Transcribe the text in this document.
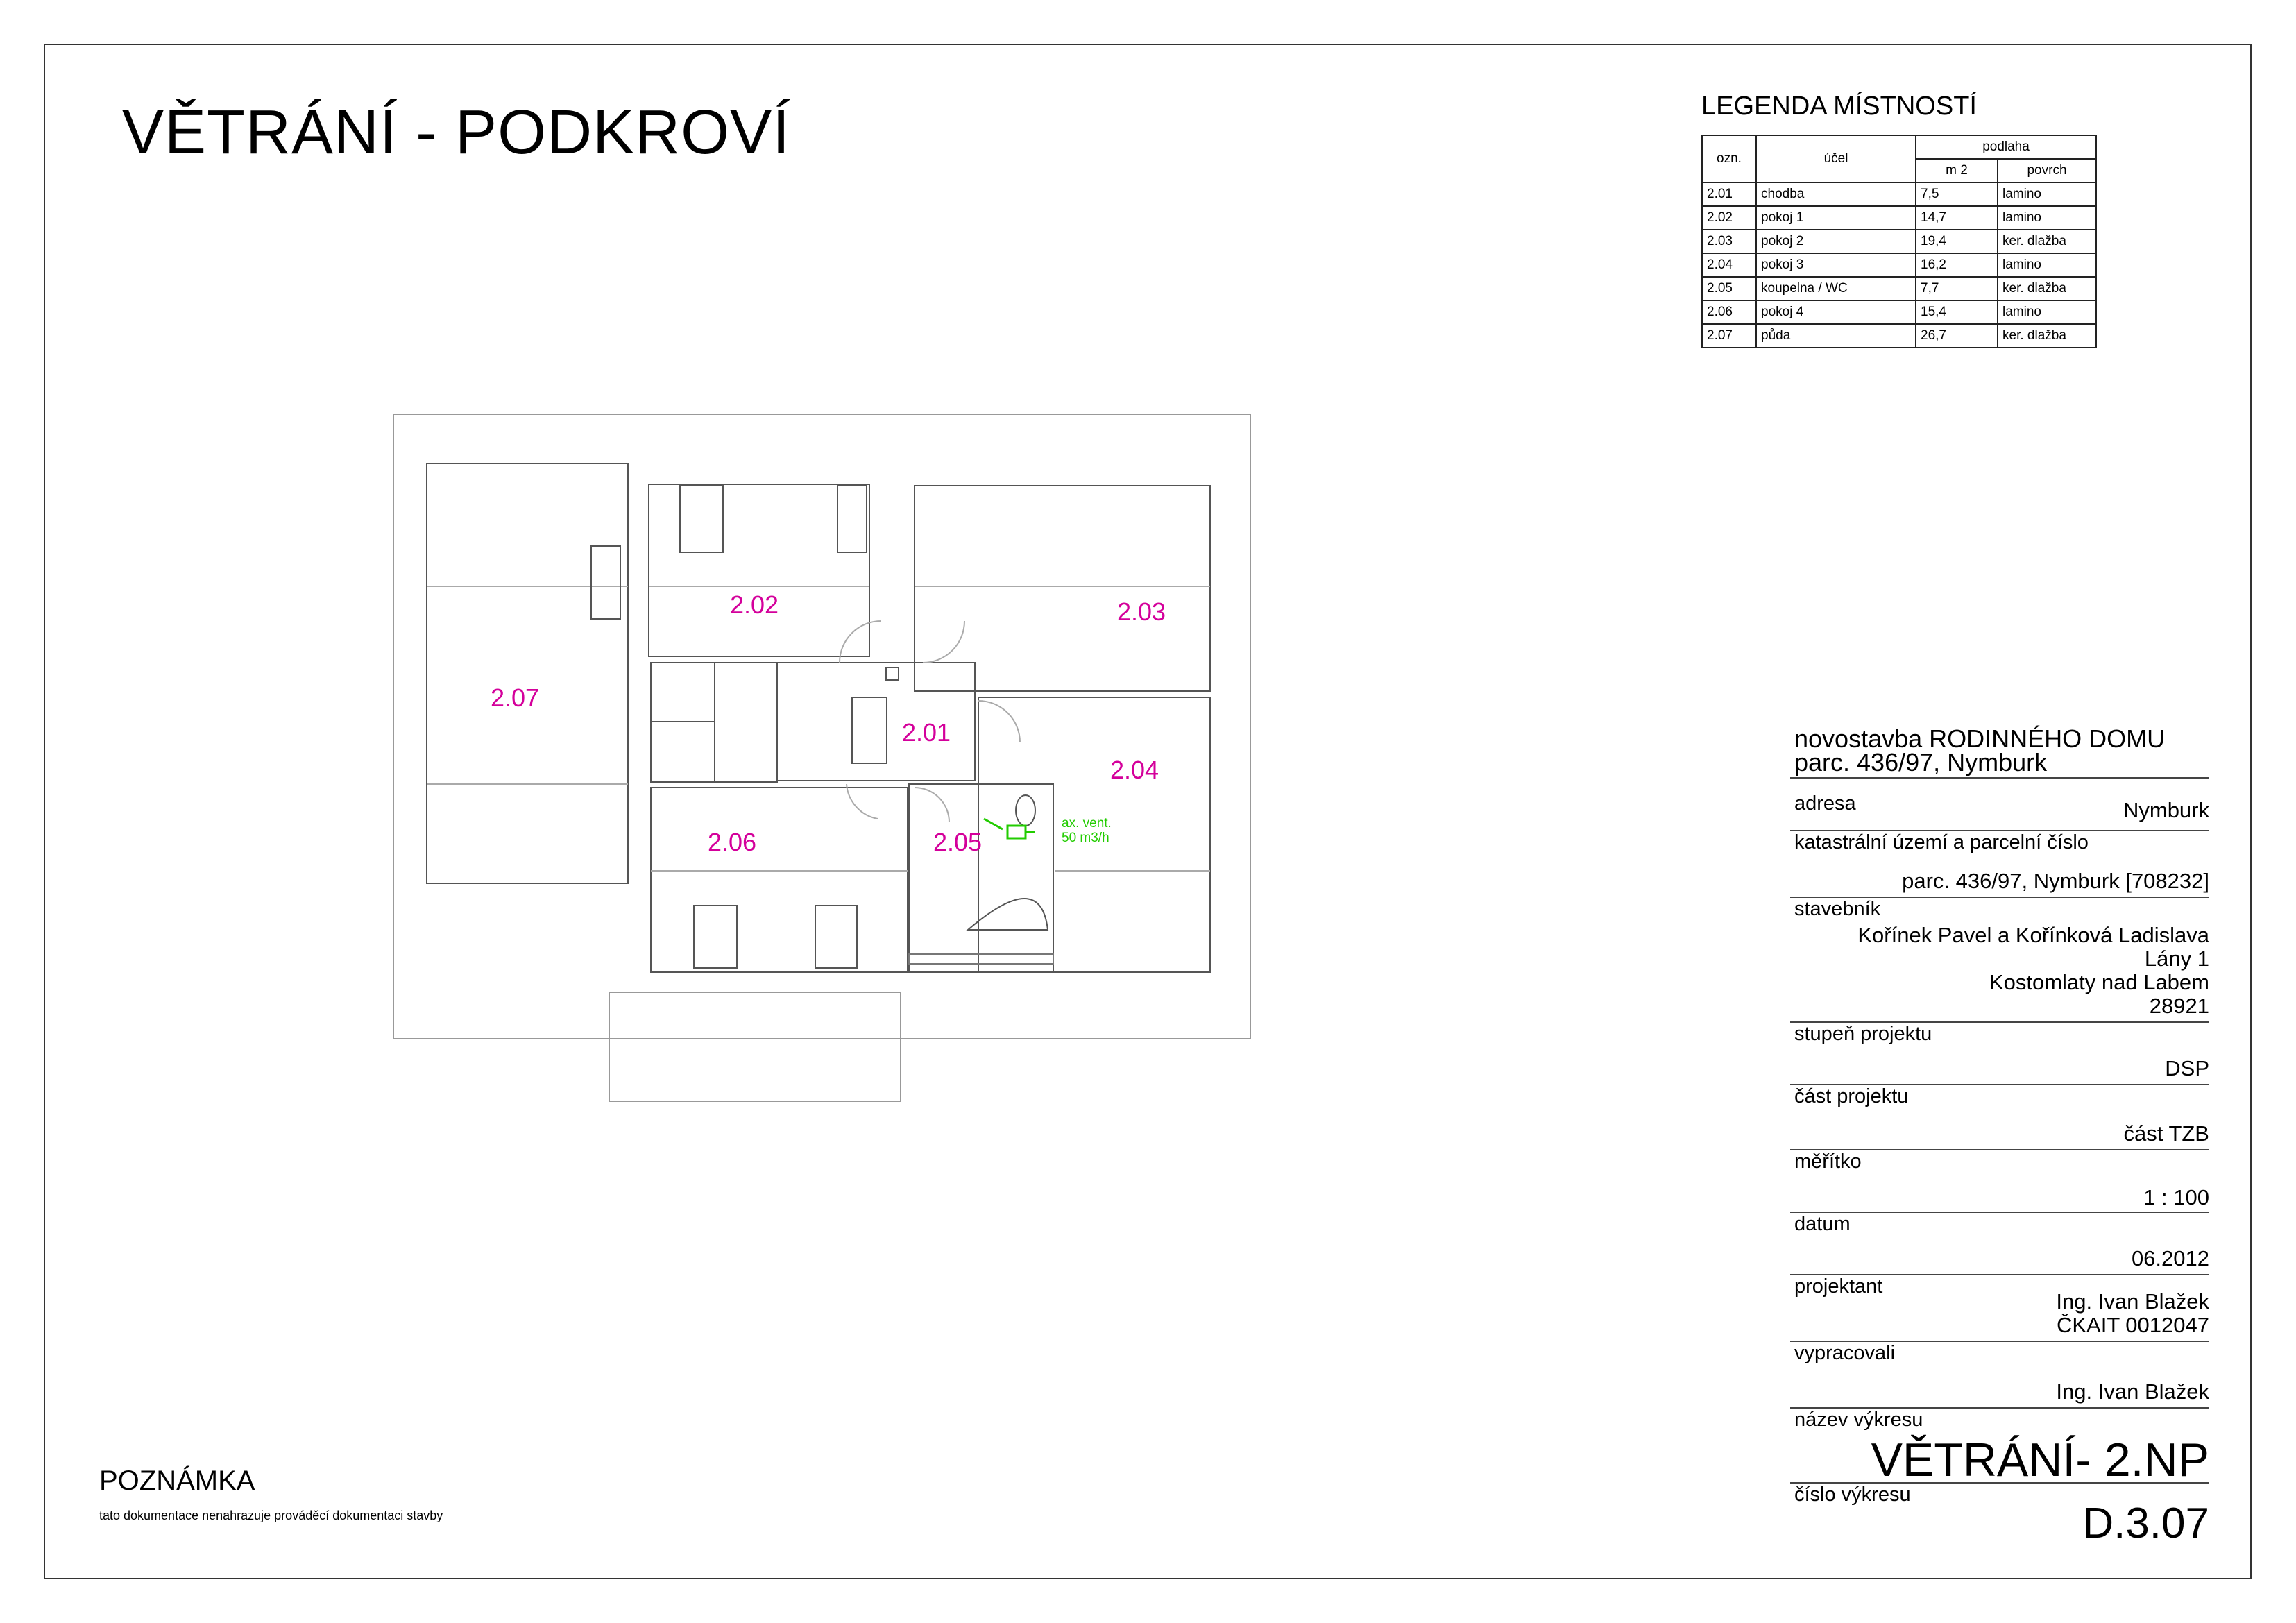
VĚTRÁNÍ - PODKROVÍ	LEGENDA MÍSTNOSTÍ
ozn.	účel	podlaha	
		m 2	povrch
2.01	chodba	7,5	lamino
2.02	pokoj 1	14,7	lamino
2.03	pokoj 2	19,4	ker. dlažba
2.04	pokoj 3	16,2	lamino
2.05	koupelna / WC	7,7	ker. dlažba
2.06	pokoj 4	15,4	lamino
2.07	půda	26,7	ker. dlažba
ax. vent.
50 m3/h
2.02	2.03
2.07
2.01
2.04
2.06	2.05
novostavba RODINNÉHO DOMU
parc. 436/97, Nymburk
adresa	Nymburk
katastrální území a parcelní číslo
parc. 436/97, Nymburk [708232]
stavebník
Kořínek Pavel a Kořínková Ladislava
Lány 1
Kostomlaty nad Labem
28921
stupeň projektu
DSP
část projektu
část TZB
měřítko
1 : 100
datum
06.2012
projektant
Ing. Ivan Blažek
ČKAIT 0012047
vypracovali
Ing. Ivan Blažek
název výkresu
VĚTRÁNÍ- 2.NP
číslo výkresu
D.3.07
POZNÁMKA
tato dokumentace nenahrazuje prováděcí dokumentaci stavby
